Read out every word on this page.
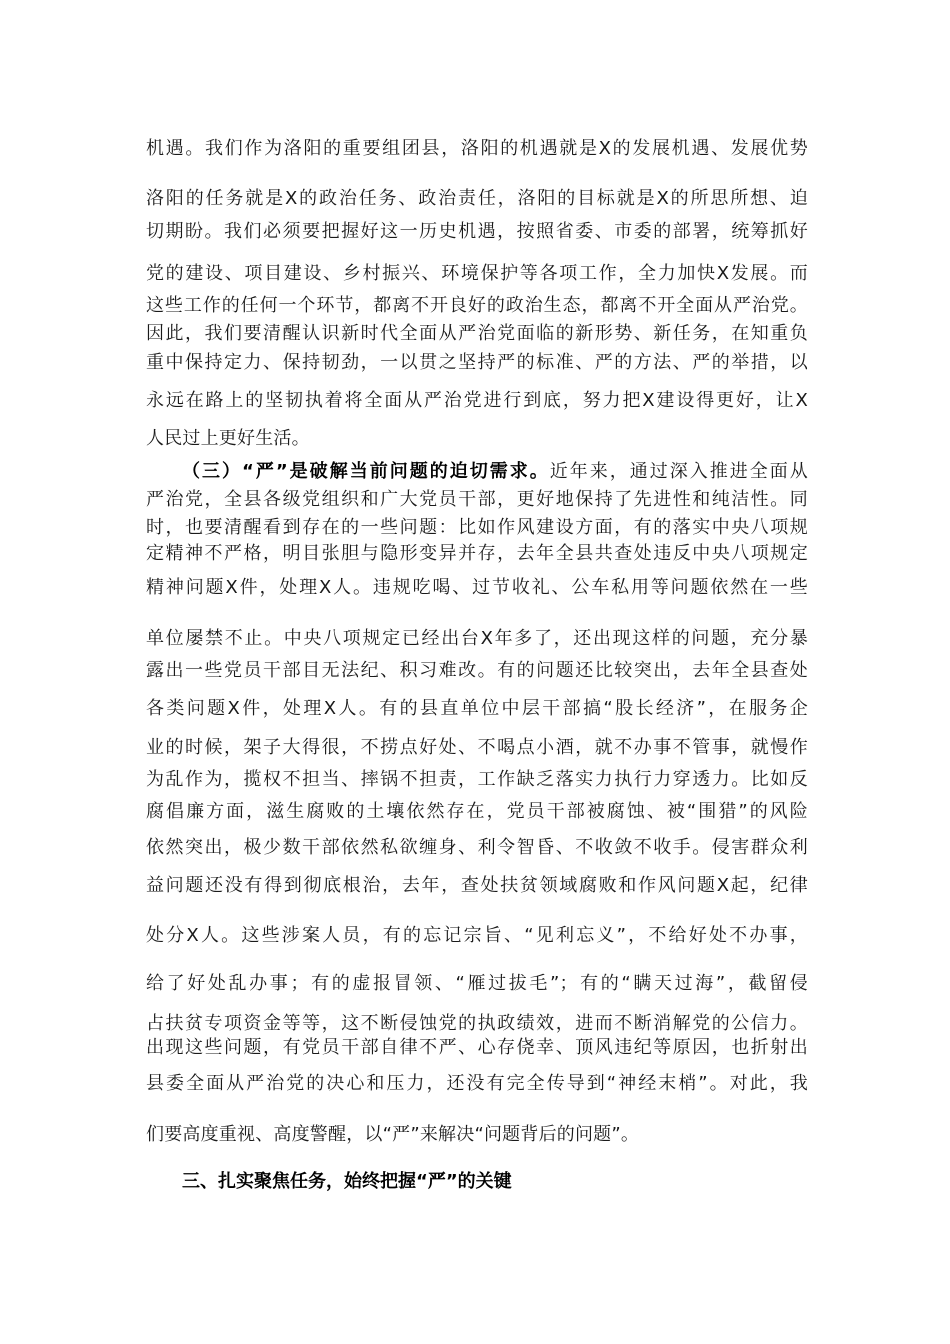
机遇。我们作为洛阳的重要组团县，洛阳的机遇就是X的发展机遇、发展优势
洛阳的任务就是X的政治任务、政治责任，洛阳的目标就是X的所思所想、迫
切期盼。我们必须要把握好这一历史机遇，按照省委、市委的部署，统筹抓好
党的建设、项目建设、乡村振兴、环境保护等各项工作，全力加快X发展。而
这些工作的任何一个环节，都离不开良好的政治生态，都离不开全面从严治党。
因此，我们要清醒认识新时代全面从严治党面临的新形势、新任务，在知重负
重中保持定力、保持韧劲，一以贯之坚持严的标准、严的方法、严的举措，以
永远在路上的坚韧执着将全面从严治党进行到底，努力把X建设得更好，让X
人民过上更好生活。
（三）“严”是破解当前问题的迫切需求。近年来，通过深入推进全面从
严治党，全县各级党组织和广大党员干部，更好地保持了先进性和纯洁性。同
时，也要清醒看到存在的一些问题：比如作风建设方面，有的落实中央八项规
定精神不严格，明目张胆与隐形变异并存，去年全县共查处违反中央八项规定
精神问题X件，处理X人。违规吃喝、过节收礼、公车私用等问题依然在一些
单位屡禁不止。中央八项规定已经出台X年多了，还出现这样的问题，充分暴
露出一些党员干部目无法纪、积习难改。有的问题还比较突出，去年全县查处
各类问题X件，处理X人。有的县直单位中层干部搞“股长经济”，在服务企
业的时候，架子大得很，不捞点好处、不喝点小酒，就不办事不管事，就慢作
为乱作为，揽权不担当、摔锅不担责，工作缺乏落实力执行力穿透力。比如反
腐倡廉方面，滋生腐败的土壤依然存在，党员干部被腐蚀、被“围猎”的风险
依然突出，极少数干部依然私欲缠身、利令智昏、不收敛不收手。侵害群众利
益问题还没有得到彻底根治，去年，查处扶贫领域腐败和作风问题X起，纪律
处分X人。这些涉案人员，有的忘记宗旨、“见利忘义”，不给好处不办事，
给了好处乱办事；有的虚报冒领、“雁过拔毛”；有的“瞒天过海”，截留侵
占扶贫专项资金等等，这不断侵蚀党的执政绩效，进而不断消解党的公信力。
出现这些问题，有党员干部自律不严、心存侥幸、顶风违纪等原因，也折射出
县委全面从严治党的决心和压力，还没有完全传导到“神经末梢”。对此，我
们要高度重视、高度警醒，以“严”来解决“问题背后的问题”。
三、扎实聚焦任务，始终把握“严”的关键
